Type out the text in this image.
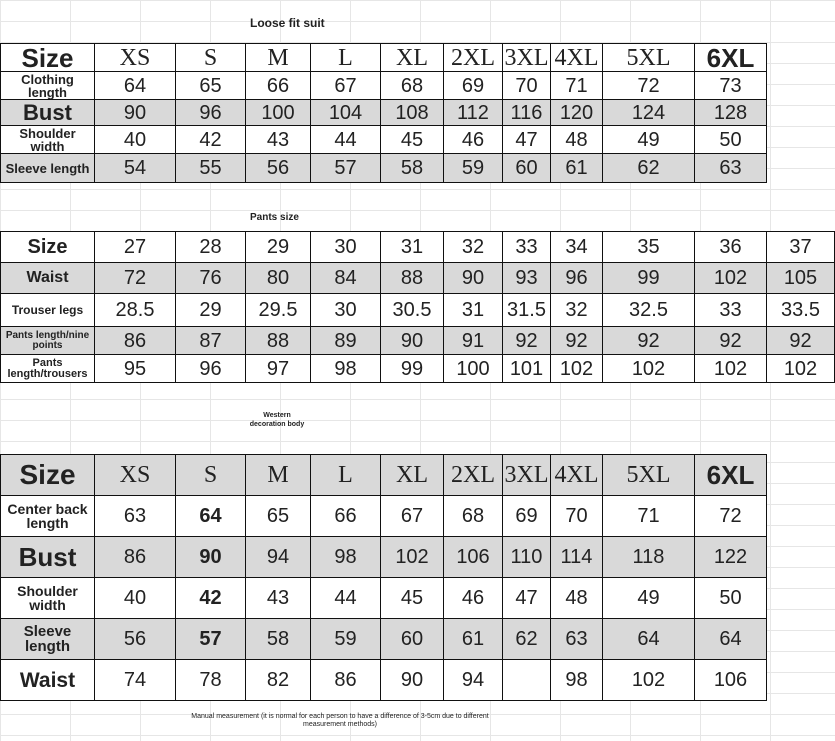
Loose fit suit
Size	XS	S	M	L	XL	2XL	3XL	4XL	5XL	6XL
Clothing length	64	65	66	67	68	69	70	71	72	73
Bust	90	96	100	104	108	112	116	120	124	128
Shoulder width	40	42	43	44	45	46	47	48	49	50
Sleeve length	54	55	56	57	58	59	60	61	62	63
Pants size
Size	27	28	29	30	31	32	33	34	35	36	37
Waist	72	76	80	84	88	90	93	96	99	102	105
Trouser legs	28.5	29	29.5	30	30.5	31	31.5	32	32.5	33	33.5
Pants length/nine points	86	87	88	89	90	91	92	92	92	92	92
Pants length/trousers	95	96	97	98	99	100	101	102	102	102	102
Western decoration body
Size	XS	S	M	L	XL	2XL	3XL	4XL	5XL	6XL
Center back length	63	64	65	66	67	68	69	70	71	72
Bust	86	90	94	98	102	106	110	114	118	122
Shoulder width	40	42	43	44	45	46	47	48	49	50
Sleeve length	56	57	58	59	60	61	62	63	64	64
Waist	74	78	82	86	90	94		98	102	106
Manual measurement (it is normal for each person to have a difference of 3-5cm due to different measurement methods)
